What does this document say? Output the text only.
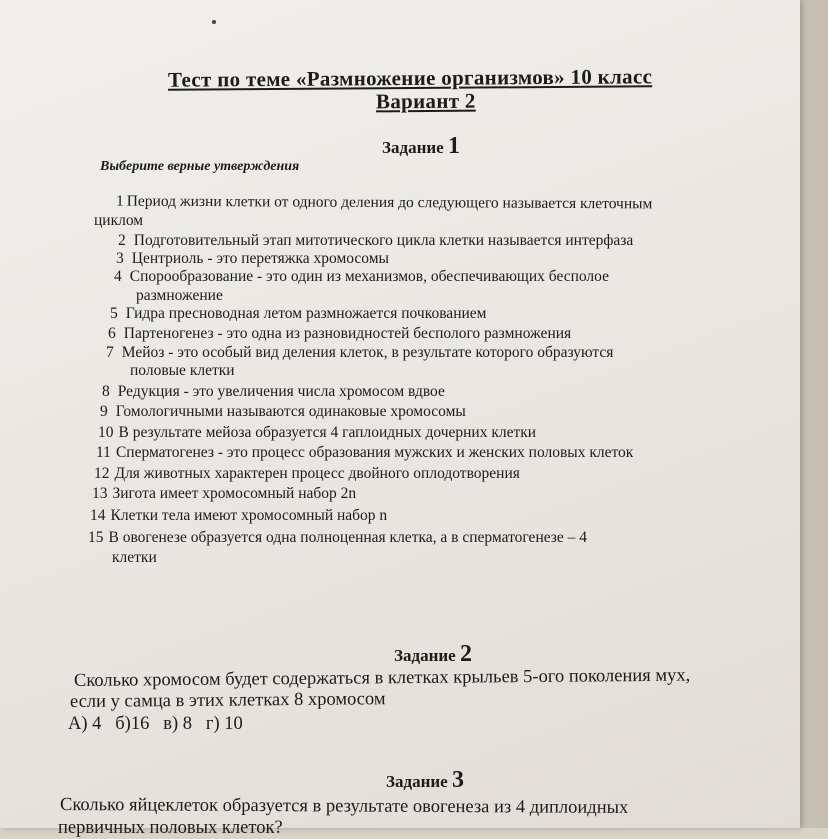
Тест по теме «Размножение организмов» 10 класс
Вариант 2
Задание 1
Выберите верные утверждения
1 Период жизни клетки от одного деления до следующего называется клеточным
циклом
2 Подготовительный этап митотического цикла клетки называется интерфаза
3 Центриоль - это перетяжка хромосомы
4 Спорообразование - это один из механизмов, обеспечивающих бесполое
размножение
5 Гидра пресноводная летом размножается почкованием
6 Партеногенез - это одна из разновидностей бесполого размножения
7 Мейоз - это особый вид деления клеток, в результате которого образуются
половые клетки
8 Редукция - это увеличения числа хромосом вдвое
9 Гомологичными называются одинаковые хромосомы
10 В результате мейоза образуется 4 гаплоидных дочерних клетки
11 Сперматогенез - это процесс образования мужских и женских половых клеток
12 Для животных характерен процесс двойного оплодотворения
13 Зигота имеет хромосомный набор 2n
14 Клетки тела имеют хромосомный набор n
15 В овогенезе образуется одна полноценная клетка, а в сперматогенезе – 4
клетки
Задание 2
Сколько хромосом будет содержаться в клетках крыльев 5-ого поколения мух,
если у самца в этих клетках 8 хромосом
А) 4   б)16   в) 8   г) 10
Задание 3
Сколько яйцеклеток образуется в результате овогенеза из 4 диплоидных
первичных половых клеток?
